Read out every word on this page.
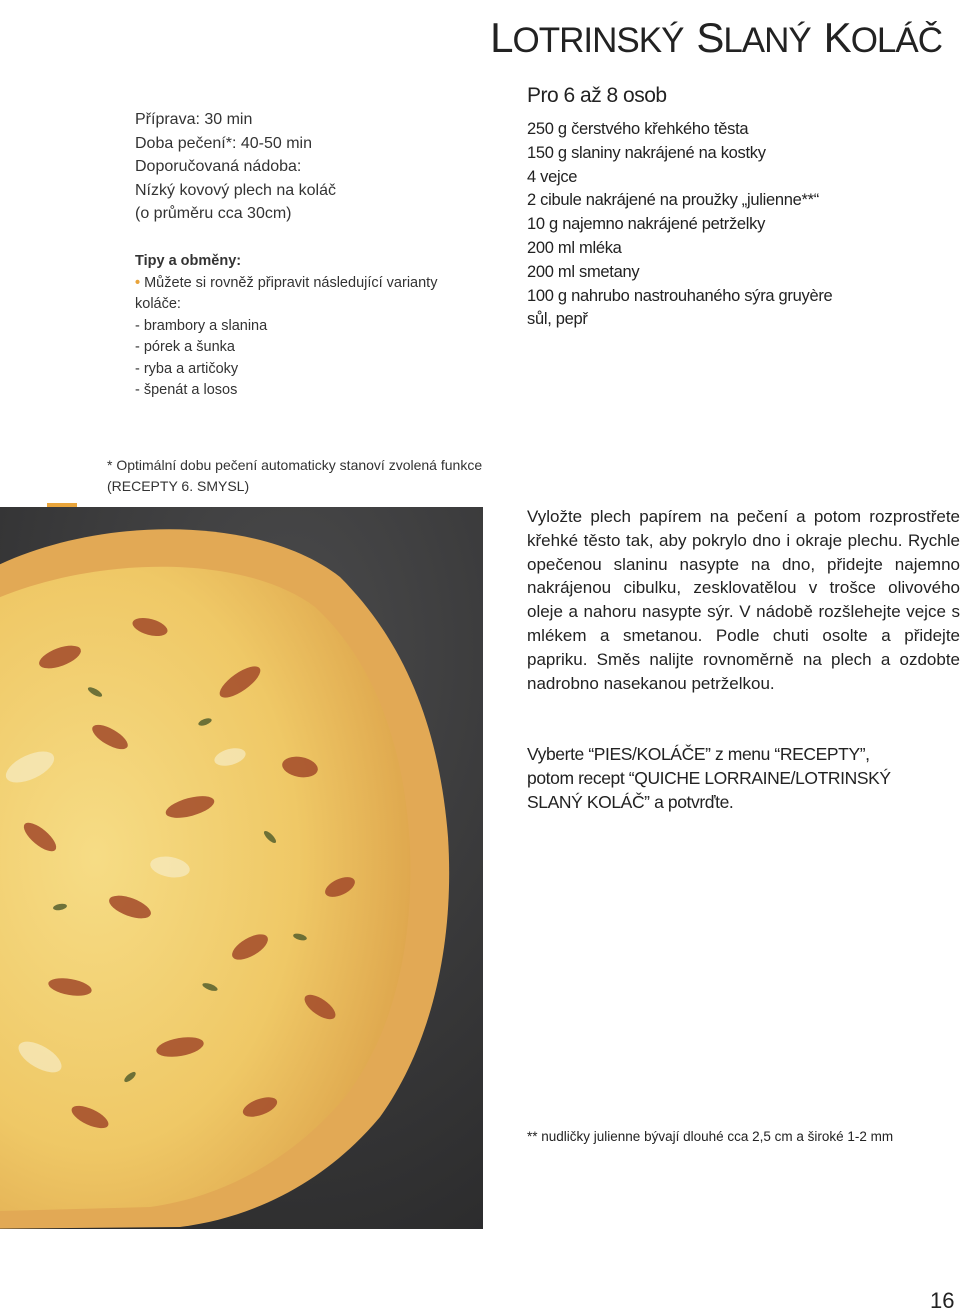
lotrinský slaný koláč
Příprava: 30 min
Doba pečení*: 40-50 min
Doporučovaná nádoba:
Nízký kovový plech na koláč
(o průměru cca 30cm)
Tipy a obměny:
• Můžete si rovněž připravit následující varianty
koláče:
- brambory a slanina
- pórek a šunka
- ryba a artičoky
- špenát a losos
Pro 6 až 8 osob
250 g čerstvého křehkého těsta
150 g slaniny nakrájené na kostky
4 vejce
2 cibule nakrájené na proužky „julienne**“
10 g najemno nakrájené petrželky
200 ml mléka
200 ml smetany
100 g nahrubo nastrouhaného sýra gruyère
sůl, pepř
* Optimální dobu pečení automaticky stanoví zvolená funkce (RECEPTY 6. SMYSL)

Vyložte plech papírem na pečení a potom rozprostřete křehké těsto tak, aby pokrylo dno i okraje plechu. Rychle opečenou slaninu nasypte na dno, přidejte najemno nakrájenou cibulku, zesklovatělou v trošce olivového oleje a nahoru nasypte sýr. V nádobě rozšlehejte vejce s mlékem a smetanou. Podle chuti osolte a přidejte papriku. Směs nalijte rovnoměrně na plech a ozdobte nadrobno nasekanou petrželkou.

Vyberte “PIES/KOLÁČE” z menu “RECEPTY”,
potom recept “QUICHE LORRAINE/LOTRINSKÝ
SLANÝ KOLÁČ” a potvrďte.
** nudličky julienne bývají dlouhé cca 2,5 cm a široké 1-2 mm
16
